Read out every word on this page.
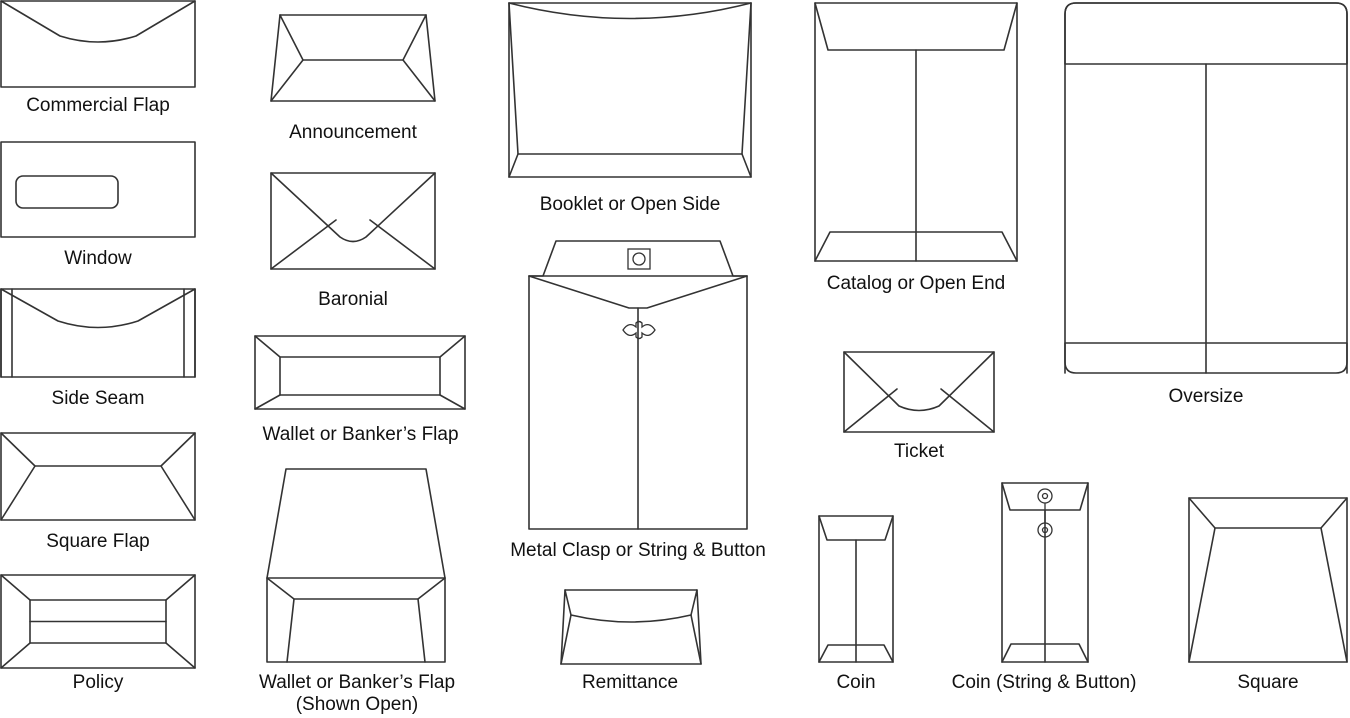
Commercial Flap
Window
Side Seam
Square Flap
Policy
Announcement
Baronial
Wallet or Banker’s Flap
Wallet or Banker’s Flap
(Shown Open)
Booklet or Open Side
Metal Clasp or String & Button
Remittance
Catalog or Open End
Ticket
Coin	Coin (String & Button)
Oversize
Square
